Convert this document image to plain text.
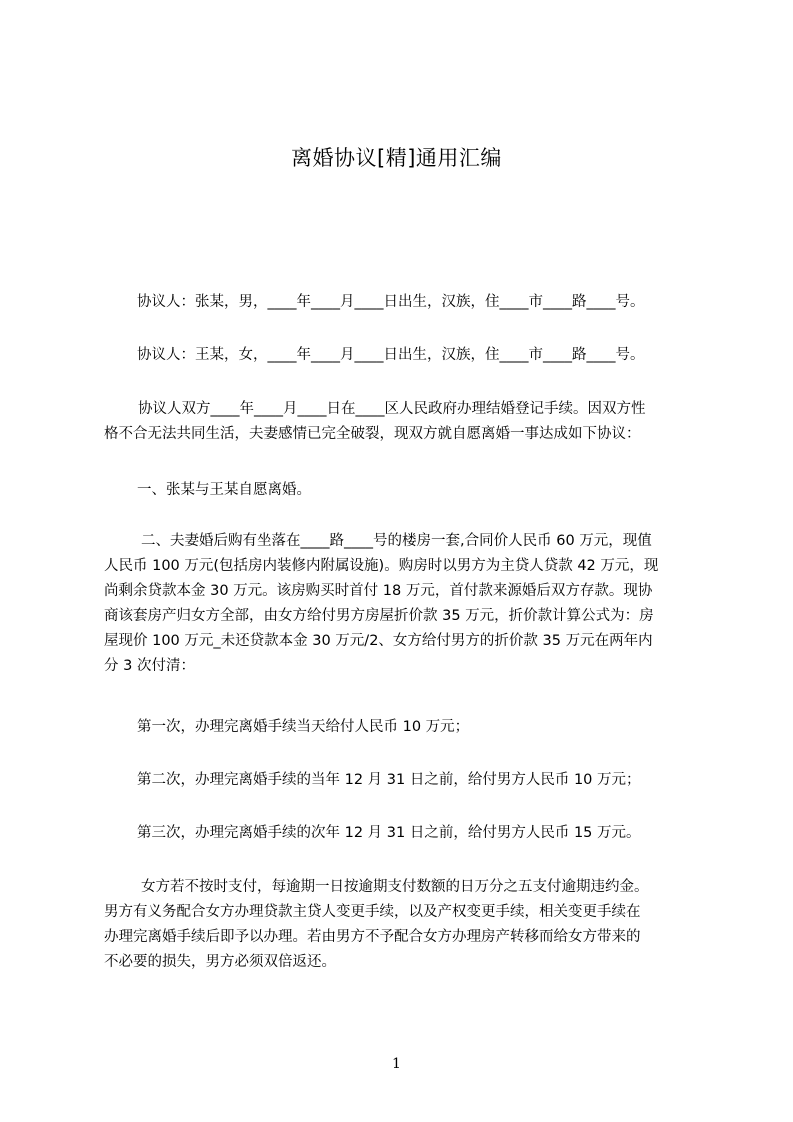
离婚协议[精]通用汇编
协议人：张某，男，____年____月____日出生，汉族，住____市____路____号。
协议人：王某，女，____年____月____日出生，汉族，住____市____路____号。
协议人双方____年____月____日在____区人民政府办理结婚登记手续。因双方性
格不合无法共同生活，夫妻感情已完全破裂，现双方就自愿离婚一事达成如下协议：
一、张某与王某自愿离婚。
二、夫妻婚后购有坐落在____路____号的楼房一套,合同价人民币 60 万元，现值
人民币 100 万元(包括房内装修内附属设施)。购房时以男方为主贷人贷款 42 万元，现
尚剩余贷款本金 30 万元。该房购买时首付 18 万元，首付款来源婚后双方存款。现协
商该套房产归女方全部，由女方给付男方房屋折价款 35 万元，折价款计算公式为：房
屋现价 100 万元_未还贷款本金 30 万元/2、女方给付男方的折价款 35 万元在两年内
分 3 次付清：
第一次，办理完离婚手续当天给付人民币 10 万元；
第二次，办理完离婚手续的当年 12 月 31 日之前，给付男方人民币 10 万元；
第三次，办理完离婚手续的次年 12 月 31 日之前，给付男方人民币 15 万元。
女方若不按时支付，每逾期一日按逾期支付数额的日万分之五支付逾期违约金。
男方有义务配合女方办理贷款主贷人变更手续，以及产权变更手续，相关变更手续在
办理完离婚手续后即予以办理。若由男方不予配合女方办理房产转移而给女方带来的
不必要的损失，男方必须双倍返还。
1
